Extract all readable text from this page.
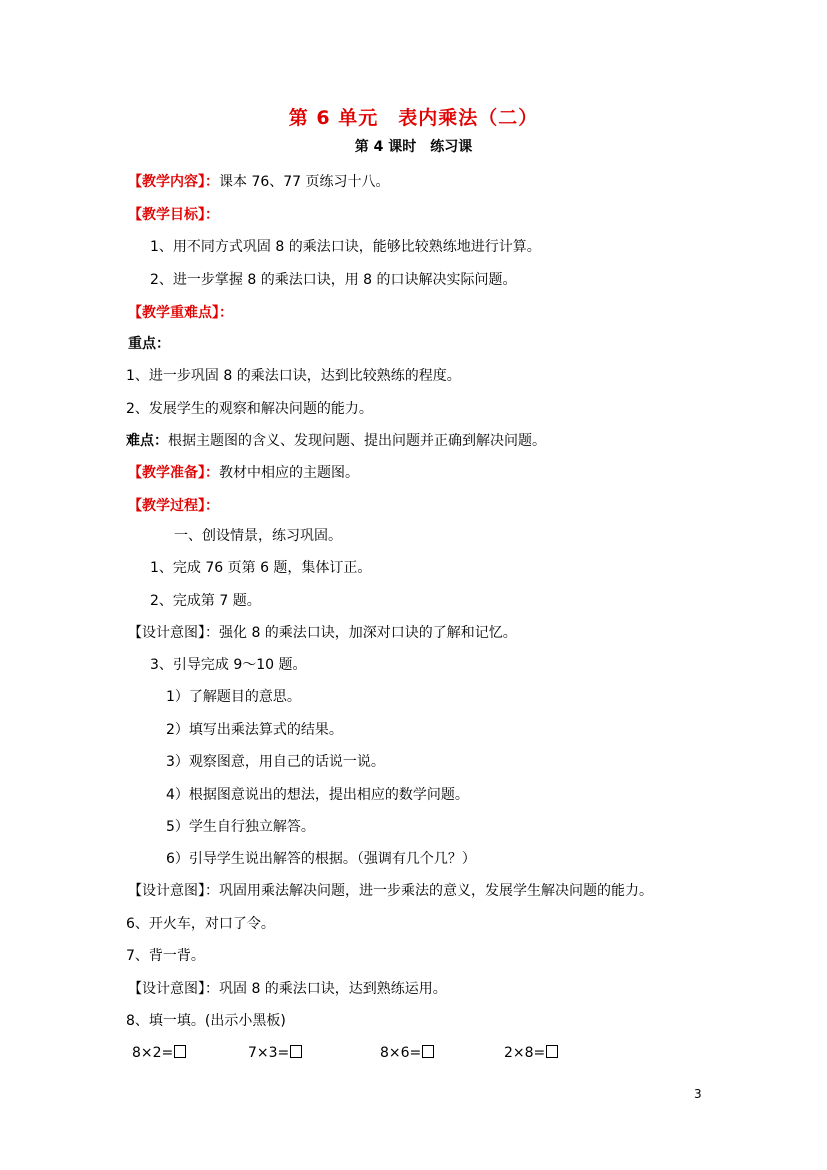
第 6 单元　表内乘法（二）
第 4 课时　练习课
【教学内容】：课本 76、77 页练习十八。
【教学目标】：
1、用不同方式巩固 8 的乘法口诀，能够比较熟练地进行计算。
2、进一步掌握 8 的乘法口诀，用 8 的口诀解决实际问题。
【教学重难点】：
重点：
1、进一步巩固 8 的乘法口诀，达到比较熟练的程度。
2、发展学生的观察和解决问题的能力。
难点：根据主题图的含义、发现问题、提出问题并正确到解决问题。
【教学准备】：教材中相应的主题图。
【教学过程】：
一、创设情景，练习巩固。
1、完成 76 页第 6 题，集体订正。
2、完成第 7 题。
【设计意图】：强化 8 的乘法口诀，加深对口诀的了解和记忆。
3、引导完成 9～10 题。
1）了解题目的意思。
2）填写出乘法算式的结果。
3）观察图意，用自己的话说一说。
4）根据图意说出的想法，提出相应的数学问题。
5）学生自行独立解答。
6）引导学生说出解答的根据。（强调有几个几？）
【设计意图】：巩固用乘法解决问题，进一步乘法的意义，发展学生解决问题的能力。
6、开火车，对口了令。
7、背一背。
【设计意图】：巩固 8 的乘法口诀，达到熟练运用。
8、填一填。(出示小黑板)
8×2=	7×3=	8×6=	2×8=
3
